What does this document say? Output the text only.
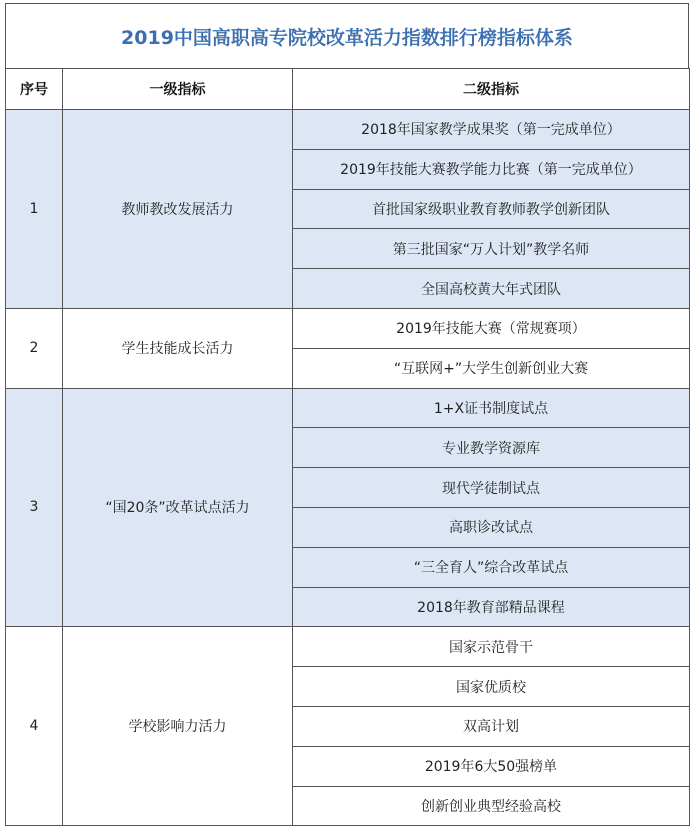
2019中国高职高专院校改革活力指数排行榜指标体系
序号	一级指标	二级指标
1	教师教改发展活力	2018年国家教学成果奖（第一完成单位）
		2019年技能大赛教学能力比赛（第一完成单位）
		首批国家级职业教育教师教学创新团队
		第三批国家“万人计划”教学名师
		全国高校黄大年式团队
2	学生技能成长活力	2019年技能大赛（常规赛项）
		“互联网+”大学生创新创业大赛
3	“国20条”改革试点活力	1+X证书制度试点
		专业教学资源库
		现代学徒制试点
		高职诊改试点
		“三全育人”综合改革试点
		2018年教育部精品课程
4	学校影响力活力	国家示范骨干
		国家优质校
		双高计划
		2019年6大50强榜单
		创新创业典型经验高校
